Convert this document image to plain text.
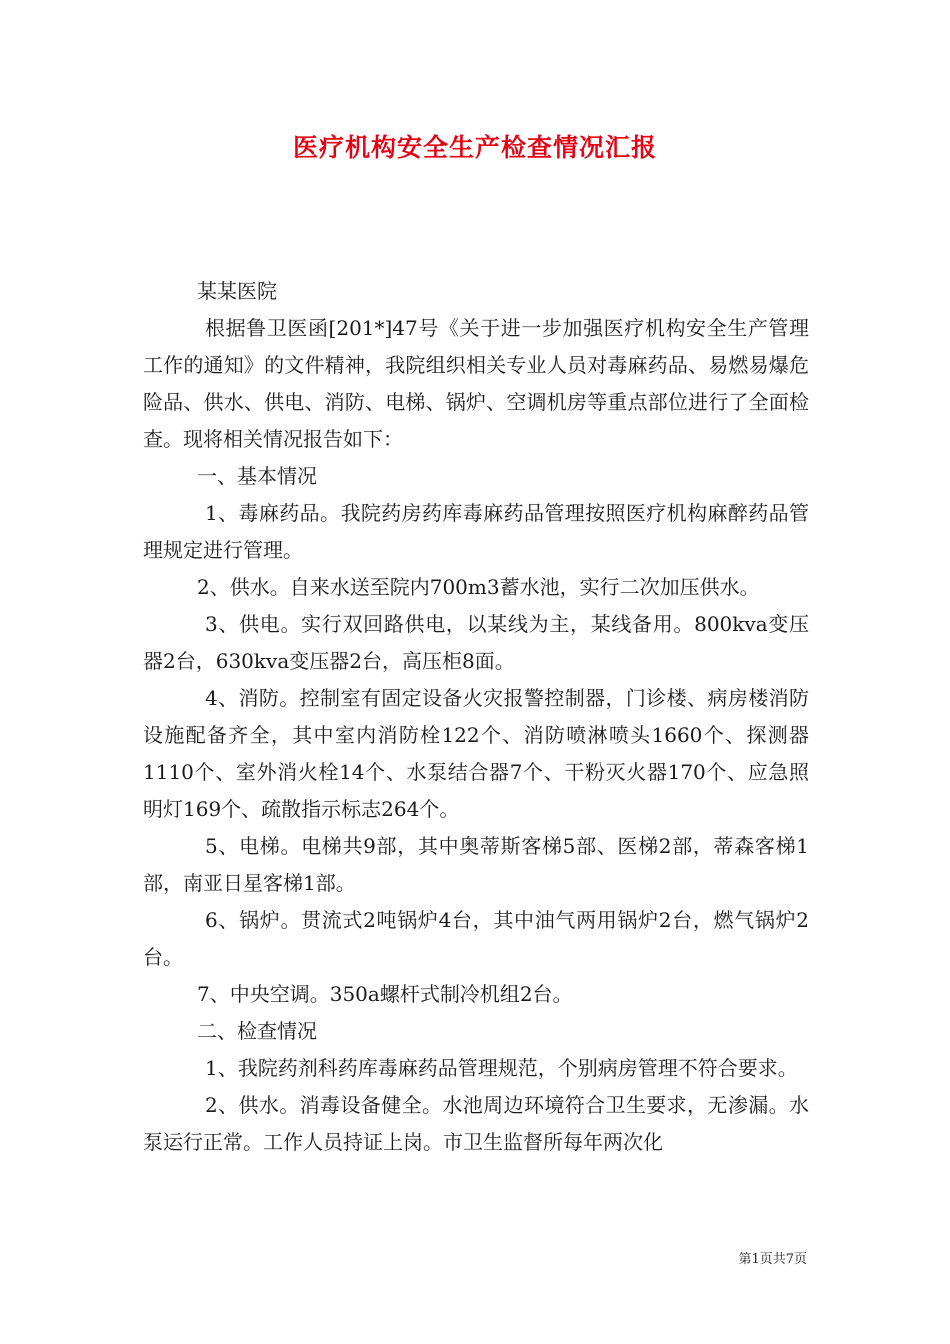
医疗机构安全生产检查情况汇报

某某医院

根据鲁卫医函[201*]47号《关于进一步加强医疗机构安全生产管理工作的通知》的文件精神，我院组织相关专业人员对毒麻药品、易燃易爆危险品、供水、供电、消防、电梯、锅炉、空调机房等重点部位进行了全面检查。现将相关情况报告如下：

一、基本情况

1、毒麻药品。我院药房药库毒麻药品管理按照医疗机构麻醉药品管理规定进行管理。

2、供水。自来水送至院内700m3蓄水池，实行二次加压供水。

3、供电。实行双回路供电，以某线为主，某线备用。800kva变压器2台，630kva变压器2台，高压柜8面。

4、消防。控制室有固定设备火灾报警控制器，门诊楼、病房楼消防设施配备齐全，其中室内消防栓122个、消防喷淋喷头1660个、探测器1110个、室外消火栓14个、水泵结合器7个、干粉灭火器170个、应急照明灯169个、疏散指示标志264个。

5、电梯。电梯共9部，其中奥蒂斯客梯5部、医梯2部，蒂森客梯1部，南亚日星客梯1部。

6、锅炉。贯流式2吨锅炉4台，其中油气两用锅炉2台，燃气锅炉2台。

7、中央空调。350a螺杆式制冷机组2台。

二、检查情况

1、我院药剂科药库毒麻药品管理规范，个别病房管理不符合要求。

2、供水。消毒设备健全。水池周边环境符合卫生要求，无渗漏。水泵运行正常。工作人员持证上岗。市卫生监督所每年两次化

第1页共7页
